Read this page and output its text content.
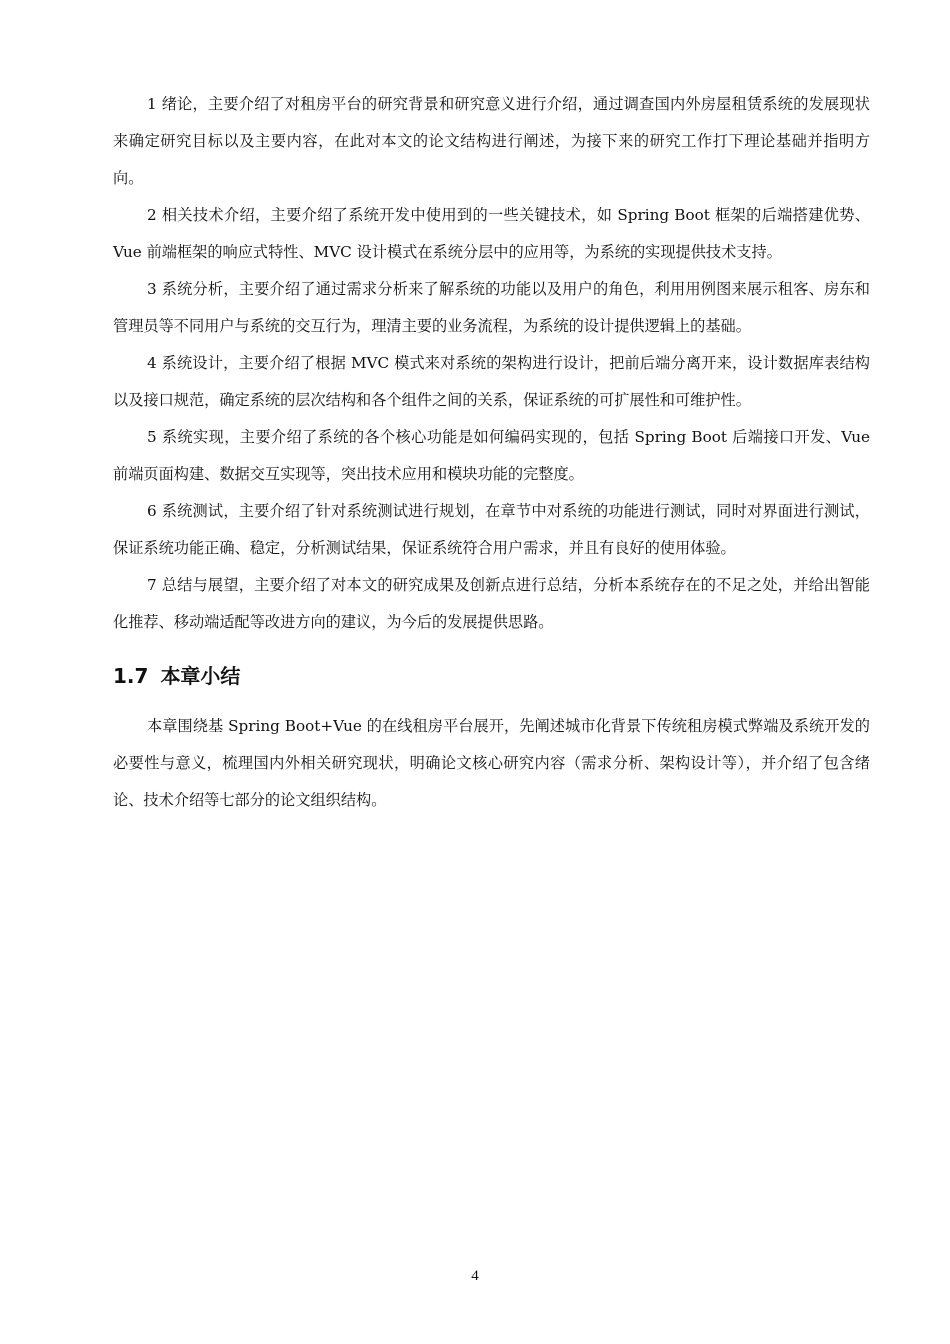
1 绪论，主要介绍了对租房平台的研究背景和研究意义进行介绍，通过调查国内外房屋租赁系统的发展现状来确定研究目标以及主要内容，在此对本文的论文结构进行阐述，为接下来的研究工作打下理论基础并指明方向。

2 相关技术介绍，主要介绍了系统开发中使用到的一些关键技术，如 Spring Boot 框架的后端搭建优势、Vue 前端框架的响应式特性、MVC 设计模式在系统分层中的应用等，为系统的实现提供技术支持。

3 系统分析，主要介绍了通过需求分析来了解系统的功能以及用户的角色，利用用例图来展示租客、房东和管理员等不同用户与系统的交互行为，理清主要的业务流程，为系统的设计提供逻辑上的基础。

4 系统设计，主要介绍了根据 MVC 模式来对系统的架构进行设计，把前后端分离开来，设计数据库表结构以及接口规范，确定系统的层次结构和各个组件之间的关系，保证系统的可扩展性和可维护性。

5 系统实现，主要介绍了系统的各个核心功能是如何编码实现的，包括 Spring Boot 后端接口开发、Vue 前端页面构建、数据交互实现等，突出技术应用和模块功能的完整度。

6 系统测试，主要介绍了针对系统测试进行规划，在章节中对系统的功能进行测试，同时对界面进行测试，保证系统功能正确、稳定，分析测试结果，保证系统符合用户需求，并且有良好的使用体验。

7 总结与展望，主要介绍了对本文的研究成果及创新点进行总结，分析本系统存在的不足之处，并给出智能化推荐、移动端适配等改进方向的建议，为今后的发展提供思路。

1.7 本章小结

本章围绕基 Spring Boot+Vue 的在线租房平台展开，先阐述城市化背景下传统租房模式弊端及系统开发的必要性与意义，梳理国内外相关研究现状，明确论文核心研究内容（需求分析、架构设计等），并介绍了包含绪论、技术介绍等七部分的论文组织结构。

4
